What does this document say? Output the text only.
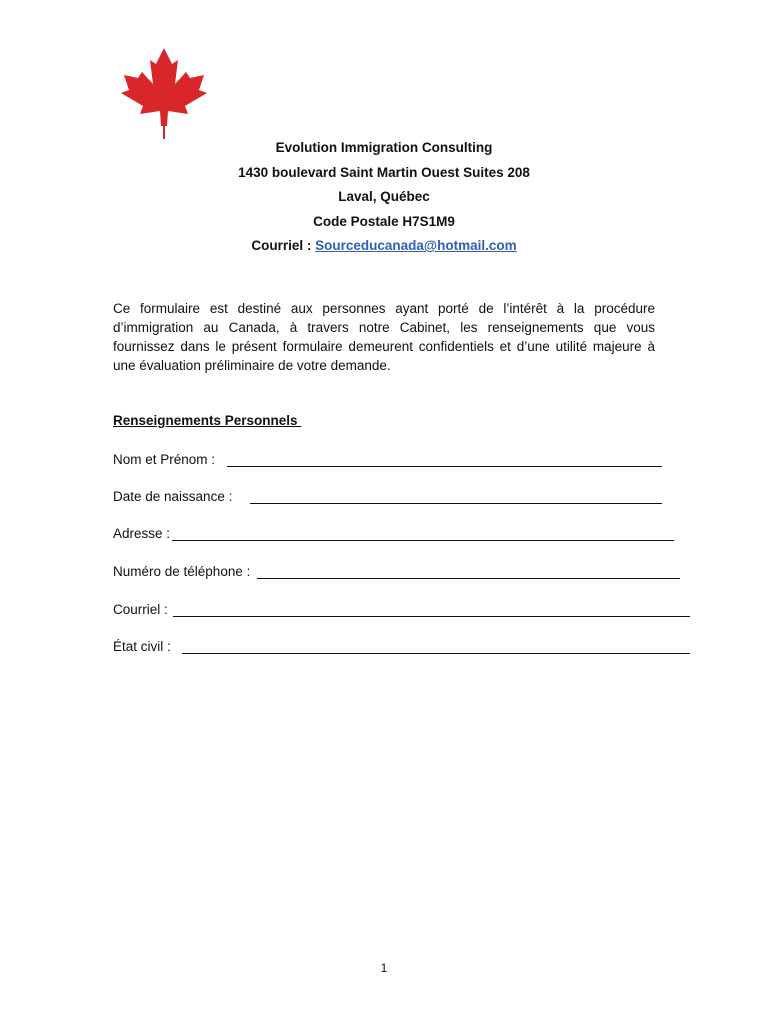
Evolution Immigration Consulting
1430 boulevard Saint Martin Ouest Suites 208
Laval, Québec
Code Postale H7S1M9
Courriel : Sourceducanada@hotmail.com
Ce formulaire est destiné aux personnes ayant porté de l’intérêt à la procédure d’immigration au Canada, à travers notre Cabinet, les renseignements que vous fournissez dans le présent formulaire demeurent confidentiels et d’une utilité majeure à une évaluation préliminaire de votre demande.
Renseignements Personnels
Nom et Prénom :
Date de naissance :
Adresse :
Numéro de téléphone :
Courriel :
État civil :
1
